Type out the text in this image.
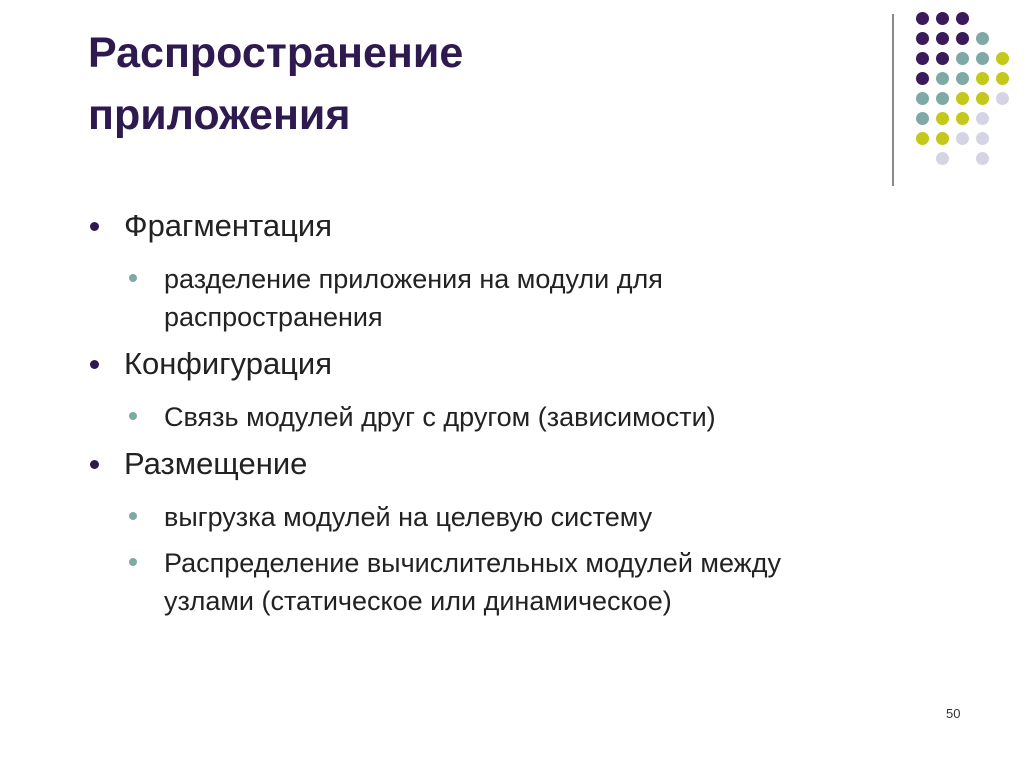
Распространение
приложения
Фрагментация
разделение приложения на модули для
распространения
Конфигурация
Связь модулей друг с другом (зависимости)
Размещение
выгрузка модулей на целевую систему
Распределение вычислительных модулей между
узлами (статическое или динамическое)
50
